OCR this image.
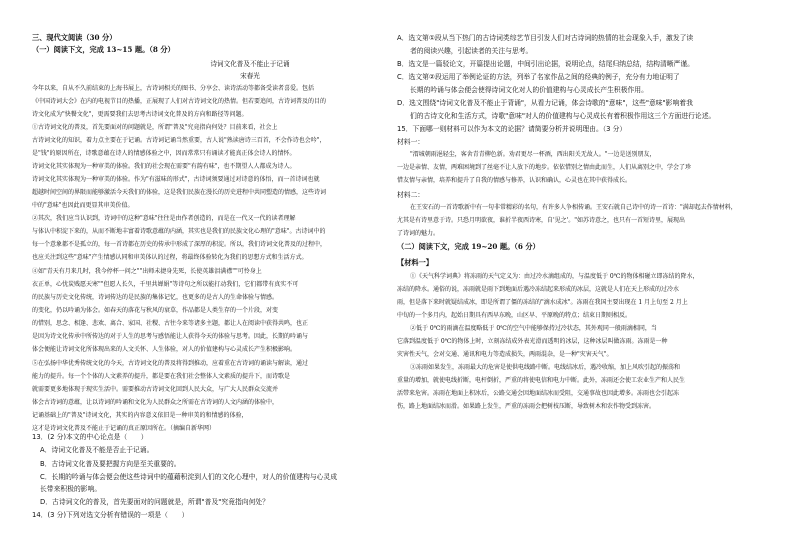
三、现代文阅读（30 分）
（一）阅读下文，完成 13~15 题。（8 分）
诗词文化普及不能止于记诵
宋春光
今年以来，自从不久前结束的上海书展上，古诗词相关的图书、分享会、读诗活动等都备受读者喜爱。包括
《中国诗词大会》在内的电视节目的热播，正展现了人们对古诗词文化的热情。但若要追问，古诗词普及的目的
诗文化成为"快餐文化"，更需要我们去思考古诗词文化普及的方向和路径等问题。
①古诗词文化的普及，首先要面对的问题就是，所谓"普及"究竟指向何处？目前来看，社会上
古诗词文化的知识，着力点主要在于记诵。古诗词记诵当然重要，古人说"熟读唐诗三百首，不会作诗也会吟"，
是"钱"的原因所在，诗歌意蕴在诗人的情感体验之中，因而常常只有诵读才能真正体会诗人的情怀。
诗词文化其实体现为一种审美的体验。我们的社会现在需要"有韵有味"，也不期望人人都成为诗人。
诗词文化其实体现为一种审美的体验。作为"有滋味的形式"，古诗词须要通过对诗意的体悟，而一首诗词也就
超越时间空间的界限而能够激活今天我们的体验，这是我们民族在漫长的历史进程中共同塑造的情感，这些诗词
中的"意味"也因此而更显其审美价值。
②其次，我们应当认识到，诗词中的这种"意味"往往是由作者创造的，而是在一代又一代的读者理解
与体认中积淀下来的，从而不断地丰富着诗歌意蕴的内涵，其实也是我们的民族文化心理的"意味"。古诗词中的
每一个意象都不是孤立的，每一首诗都在历史的传承中形成了深厚的积淀。所以，我们诗词文化普及的过程中，
也应关注到这些"意味"产生情感认同和审美体认的过程，将最终体验转化为我们的思想方式和生活方式。
④如"青天有月来几时，我今停杯一问之""出师未捷身先死，长使英雄泪满襟""可怜身上
衣正单，心忧炭贱愿天寒""但愿人长久，千里共婵娟"等诗句之所以能打动我们，它们都带有真实不可
的民族与历史文化传统，诗词传达的是民族的集体记忆，也更多的是古人的生命体验与情感。
的变化，仍以吟诵为体会。如春天的落花与秋风的衰草，作品都是人类生存的一个片段，对变
的惜别，思念、相逢、悲欢、离合、家国、社稷、古往今来等诸多主题，都让人在阅读中获得共鸣，也正
是因为诗文化传承中所传达的对于人生的思考与感悟能让人获得今天的体验与思考。因此，长期的吟诵与
体会便能让诗词文化所体现出来的人文关怀、人生体验，对人的价值建构与心灵成长产生积极影响。
⑤在弘扬中华优秀传统文化的今天，古诗词文化的普及将得到推动，应着重在古诗词的诵读与解读，通过
能力的提升。每一个个体的人文素养的提升，都是要在我们社会整体人文素质的提升下，而诗歌是
就需要更多地体现于现实生活中。需要推动古诗词文化回到人民大众，与广大人民群众交流并
体会古诗词的意蕴，让以诗词的吟诵和文化为人民群众之所需在古诗词的人文内涵的体验中，
记诵基础上的"普及"诗词文化，其实的内容意义依旧是一种审美的和情感的体验，
这才是诗词文化普及不能止于记诵的真正原因所在。（摘编自新华网）
13．(2 分)本文的中心论点是（　　）
A．诗词文化普及不能是否止于记诵。
B．古诗词文化普及要把握方向是至关重要的。
C．长期的吟诵与体会便会使这些诗词中的蕴藉积淀到人们的文化心理中，对人的价值建构与心灵成
长带来积极的影响。
D．古诗词文化的普及，首先要面对的问题就是，所谓"普及"究竟指向何处？
14．(3 分)下列对选文分析有错误的一项是（　　）
A．选文第①段从当下热门的古诗词类综艺节目引发人们对古诗词的热情的社会现象入手，激发了读
者的阅读兴趣，引起读者的关注与思考。
B．选文是一篇驳论文，开篇提出论题，中间引出论据，说明论点，结尾归纳总结，结构清晰严谨。
C．选文第②段运用了举例论证的方法，列举了名家作品之间的经典的例子，充分有力地证明了
长期的吟诵与体会便会使得诗词文化对人的价值建构与心灵成长产生积极作用。
D．选文围绕"诗词文化普及不能止于背诵"，从看力记诵，体会诗歌的"意味"，这些"意味"影响着我
们的古诗文化和生活方式，诗歌"意味"对人的价值建构与心灵成长有着积极作用这三个方面进行论述。
15．下面哪一则材料可以作为本文的论据？请简要分析并说明理由。（3 分）
材料一：
"渭城朝雨浥轻尘，客舍青青柳色新。劝君更尽一杯酒，西出阳关无故人。"一边是送别朋友，
一边是亲情、友情，两难困境到了丝毫不让人放下的地步。依依惜别之情由此而生，人们从离别之中，学会了珍
惜友情与亲情，培养和提升了自我的情感与修养，认识和确认，心灵也在其中获得成长。
材料二：
在王安石的一首诗歌新中有一句非常精彩的名句，有许多人争相传诵。王安石就自己诗中的诗一首诗："满却起去作情材料，
尤其是有诗里意于诗。只恐月明欲夜，谁折半夜西诗寒，自'见之'。"如苏诗意之，也只有一首短诗里，展现出
了诗词的魅力。
（二）阅读下文，完成 19~20 题。（6 分）
【材料一】
①《天气科学词典》将冻雨的天气定义为：由过冷水滴组成的，与温度低于 0℃的物体相碰立即冻结的降水，
冻结的降水。通俗的说，冻雨就是雨下到地面后遇冷冻结起来形成的冰层，这就是人们在天上形成的过冷水
雨，但是落下来时就疑结成冰，即是所谓了僵的冻结的"滴水成冰"。冻雨在我国主要出现在 1 月上旬至 2 月上
中旬的一个多月内，起始日期具有西早东晚，山区早、平原晚的特点；结束日期则相反。
②低于 0℃的雨滴在温度略低于 0℃的空气中能够保持过冷状态，其外观同一般雨滴相同，当
它落到温度低于 0℃的物体上时，立刻冻结成外表光滑而透明的冰层，这种冰层叫做冻雨。冻雨是一种
灾害性天气，会对交通、通讯和电力等造成损失，两雨混杂，是一种"灾害天气"。
③冻雨如果发生，冻雨最大的危害是使供电线路中断。电线结冰后，遇冷收缩，加上风吹引起的振荡和
重量的增加，就使电线折断，电杆倒折，严重的将使电信和电力中断。此外，冻雨还会使工农业生产和人民生
活带来危害。冻雨在地面上积冰后，公路交通会因地面结冰而受阻，交通事故也因此增多。冻雨也会引起冻
伤，路上地面结冰而滑。如果路上发生，严重的冻雨会把树枝压断，导致树木和农作物受到冻害。
